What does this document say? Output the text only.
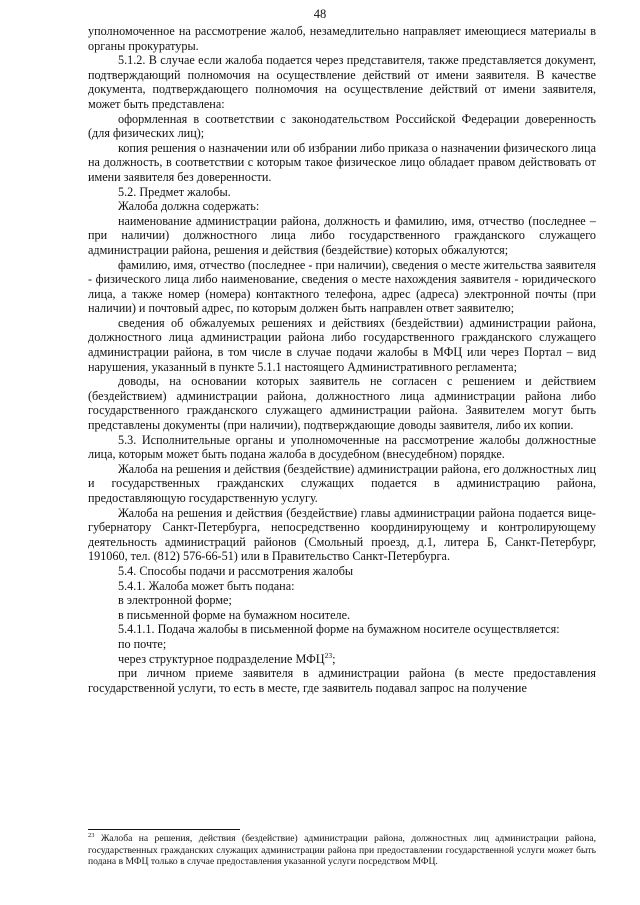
48

уполномоченное на рассмотрение жалоб, незамедлительно направляет имеющиеся материалы в органы прокуратуры.

5.1.2. В случае если жалоба подается через представителя, также представляется документ, подтверждающий полномочия на осуществление действий от имени заявителя. В качестве документа, подтверждающего полномочия на осуществление действий от имени заявителя, может быть представлена:

оформленная в соответствии с законодательством Российской Федерации доверенность (для физических лиц);

копия решения о назначении или об избрании либо приказа о назначении физического лица на должность, в соответствии с которым такое физическое лицо обладает правом действовать от имени заявителя без доверенности.

5.2. Предмет жалобы.

Жалоба должна содержать:

наименование администрации района, должность и фамилию, имя, отчество (последнее – при наличии) должностного лица либо государственного гражданского служащего администрации района, решения и действия (бездействие) которых обжалуются;

фамилию, имя, отчество (последнее - при наличии), сведения о месте жительства заявителя - физического лица либо наименование, сведения о месте нахождения заявителя - юридического лица, а также номер (номера) контактного телефона, адрес (адреса) электронной почты (при наличии) и почтовый адрес, по которым должен быть направлен ответ заявителю;

сведения об обжалуемых решениях и действиях (бездействии) администрации района, должностного лица администрации района либо государственного гражданского служащего администрации района, в том числе в случае подачи жалобы в МФЦ или через Портал – вид нарушения, указанный в пункте 5.1.1 настоящего Административного регламента;

доводы, на основании которых заявитель не согласен с решением и действием (бездействием) администрации района, должностного лица администрации района либо государственного гражданского служащего администрации района. Заявителем могут быть представлены документы (при наличии), подтверждающие доводы заявителя, либо их копии.

5.3. Исполнительные органы и уполномоченные на рассмотрение жалобы должностные лица, которым может быть подана жалоба в досудебном (внесудебном) порядке.

Жалоба на решения и действия (бездействие) администрации района, его должностных лиц и государственных гражданских служащих подается в администрацию района, предоставляющую государственную услугу.

Жалоба на решения и действия (бездействие) главы администрации района подается вице-губернатору Санкт-Петербурга, непосредственно координирующему и контролирующему деятельность администраций районов (Смольный проезд, д.1, литера Б, Санкт-Петербург, 191060, тел. (812) 576-66-51) или в Правительство Санкт-Петербурга.

5.4. Способы подачи и рассмотрения жалобы

5.4.1. Жалоба может быть подана:

в электронной форме;

в письменной форме на бумажном носителе.

5.4.1.1. Подача жалобы в письменной форме на бумажном носителе осуществляется:

по почте;

через структурное подразделение МФЦ$^{23}$;

при личном приеме заявителя в администрации района (в месте предоставления государственной услуги, то есть в месте, где заявитель подавал запрос на получение

$^{23}$ Жалоба на решения, действия (бездействие) администрации района, должностных лиц администрации района, государственных гражданских служащих администрации района при предоставлении государственной услуги может быть подана в МФЦ только в случае предоставления указанной услуги посредством МФЦ.
